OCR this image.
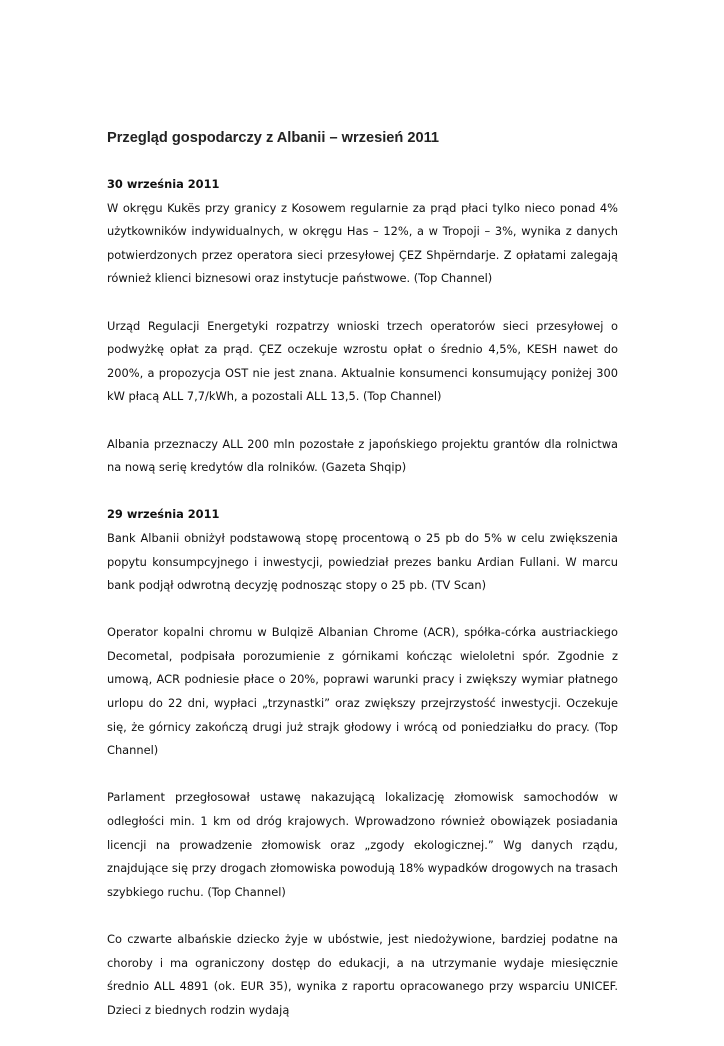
Przegląd gospodarczy z Albanii – wrzesień 2011

30 września 2011

W okręgu Kukës przy granicy z Kosowem regularnie za prąd płaci tylko nieco ponad 4% użytkowników indywidualnych, w okręgu Has – 12%, a w Tropoji – 3%, wynika z danych potwierdzonych przez operatora sieci przesyłowej ÇEZ Shpërndarje. Z opłatami zalegają również klienci biznesowi oraz instytucje państwowe. (Top Channel)

Urząd Regulacji Energetyki rozpatrzy wnioski trzech operatorów sieci przesyłowej o podwyżkę opłat za prąd. ÇEZ oczekuje wzrostu opłat o średnio 4,5%, KESH nawet do 200%, a propozycja OST nie jest znana. Aktualnie konsumenci konsumujący poniżej 300 kW płacą ALL 7,7/kWh, a pozostali ALL 13,5. (Top Channel)

Albania przeznaczy ALL 200 mln pozostałe z japońskiego projektu grantów dla rolnictwa na nową serię kredytów dla rolników. (Gazeta Shqip)

29 września 2011

Bank Albanii obniżył podstawową stopę procentową o 25 pb do 5% w celu zwiększenia popytu konsumpcyjnego i inwestycji, powiedział prezes banku Ardian Fullani. W marcu bank podjął odwrotną decyzję podnosząc stopy o 25 pb. (TV Scan)

Operator kopalni chromu w Bulqizë Albanian Chrome (ACR), spółka-córka austriackiego Decometal, podpisała porozumienie z górnikami kończąc wieloletni spór. Zgodnie z umową, ACR podniesie płace o 20%, poprawi warunki pracy i zwiększy wymiar płatnego urlopu do 22 dni, wypłaci „trzynastki” oraz zwiększy przejrzystość inwestycji. Oczekuje się, że górnicy zakończą drugi już strajk głodowy i wrócą od poniedziałku do pracy. (Top Channel)

Parlament przegłosował ustawę nakazującą lokalizację złomowisk samochodów w odległości min. 1 km od dróg krajowych. Wprowadzono również obowiązek posiadania licencji na prowadzenie złomowisk oraz „zgody ekologicznej.” Wg danych rządu, znajdujące się przy drogach złomowiska powodują 18% wypadków drogowych na trasach szybkiego ruchu. (Top Channel)

Co czwarte albańskie dziecko żyje w ubóstwie, jest niedożywione, bardziej podatne na choroby i ma ograniczony dostęp do edukacji, a na utrzymanie wydaje miesięcznie średnio ALL 4891 (ok. EUR 35), wynika z raportu opracowanego przy wsparciu UNICEF. Dzieci z biednych rodzin wydają
